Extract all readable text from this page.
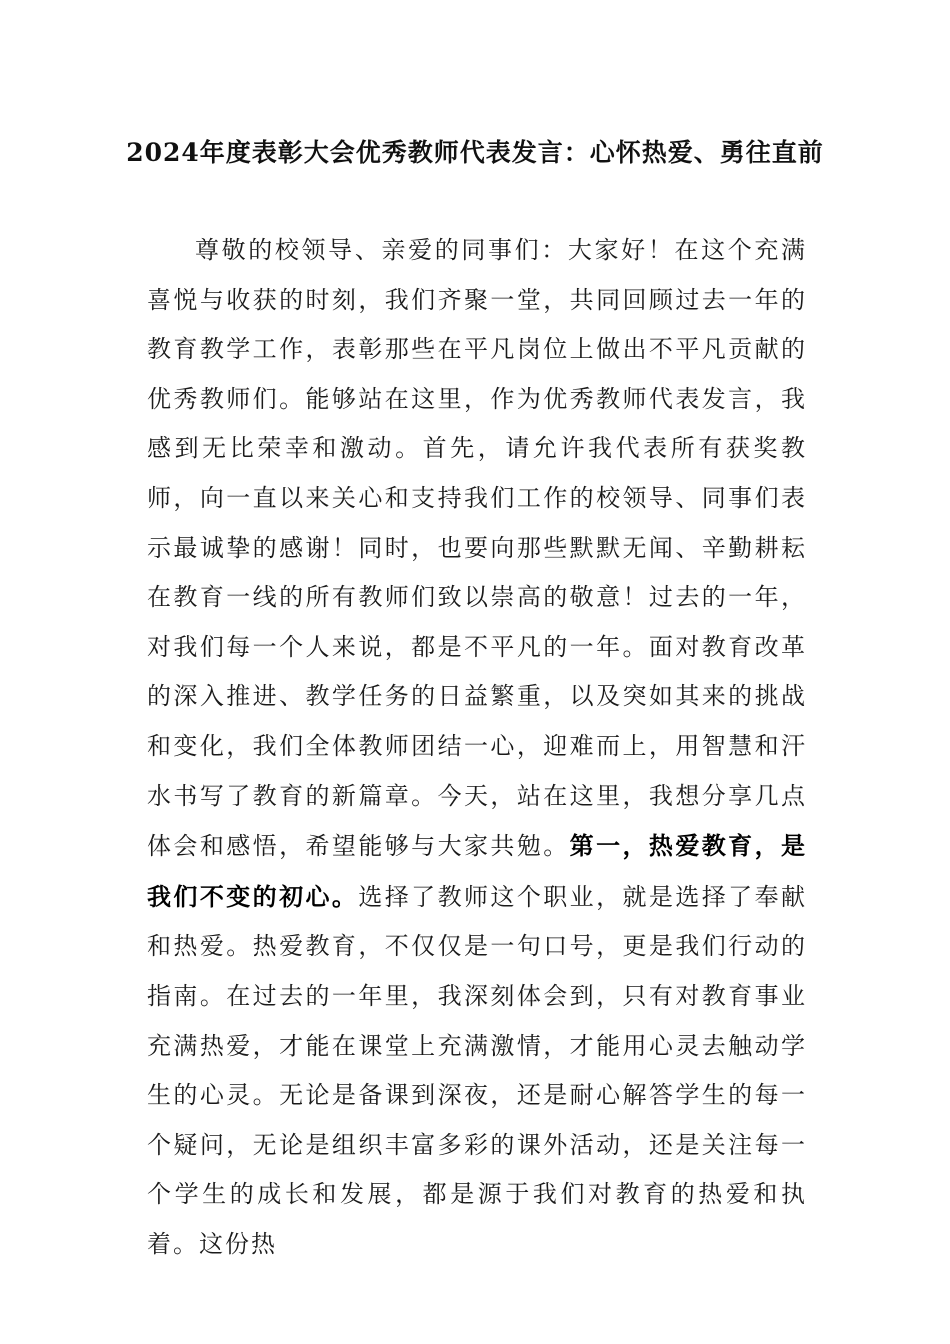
2024年度表彰大会优秀教师代表发言：心怀热爱、勇往直前

尊敬的校领导、亲爱的同事们：大家好！在这个充满喜悦与收获的时刻，我们齐聚一堂，共同回顾过去一年的教育教学工作，表彰那些在平凡岗位上做出不平凡贡献的优秀教师们。能够站在这里，作为优秀教师代表发言，我感到无比荣幸和激动。首先，请允许我代表所有获奖教师，向一直以来关心和支持我们工作的校领导、同事们表示最诚挚的感谢！同时，也要向那些默默无闻、辛勤耕耘在教育一线的所有教师们致以崇高的敬意！过去的一年，对我们每一个人来说，都是不平凡的一年。面对教育改革的深入推进、教学任务的日益繁重，以及突如其来的挑战和变化，我们全体教师团结一心，迎难而上，用智慧和汗水书写了教育的新篇章。今天，站在这里，我想分享几点体会和感悟，希望能够与大家共勉。第一，热爱教育，是我们不变的初心。选择了教师这个职业，就是选择了奉献和热爱。热爱教育，不仅仅是一句口号，更是我们行动的指南。在过去的一年里，我深刻体会到，只有对教育事业充满热爱，才能在课堂上充满激情，才能用心灵去触动学生的心灵。无论是备课到深夜，还是耐心解答学生的每一个疑问，无论是组织丰富多彩的课外活动，还是关注每一个学生的成长和发展，都是源于我们对教育的热爱和执着。这份热
